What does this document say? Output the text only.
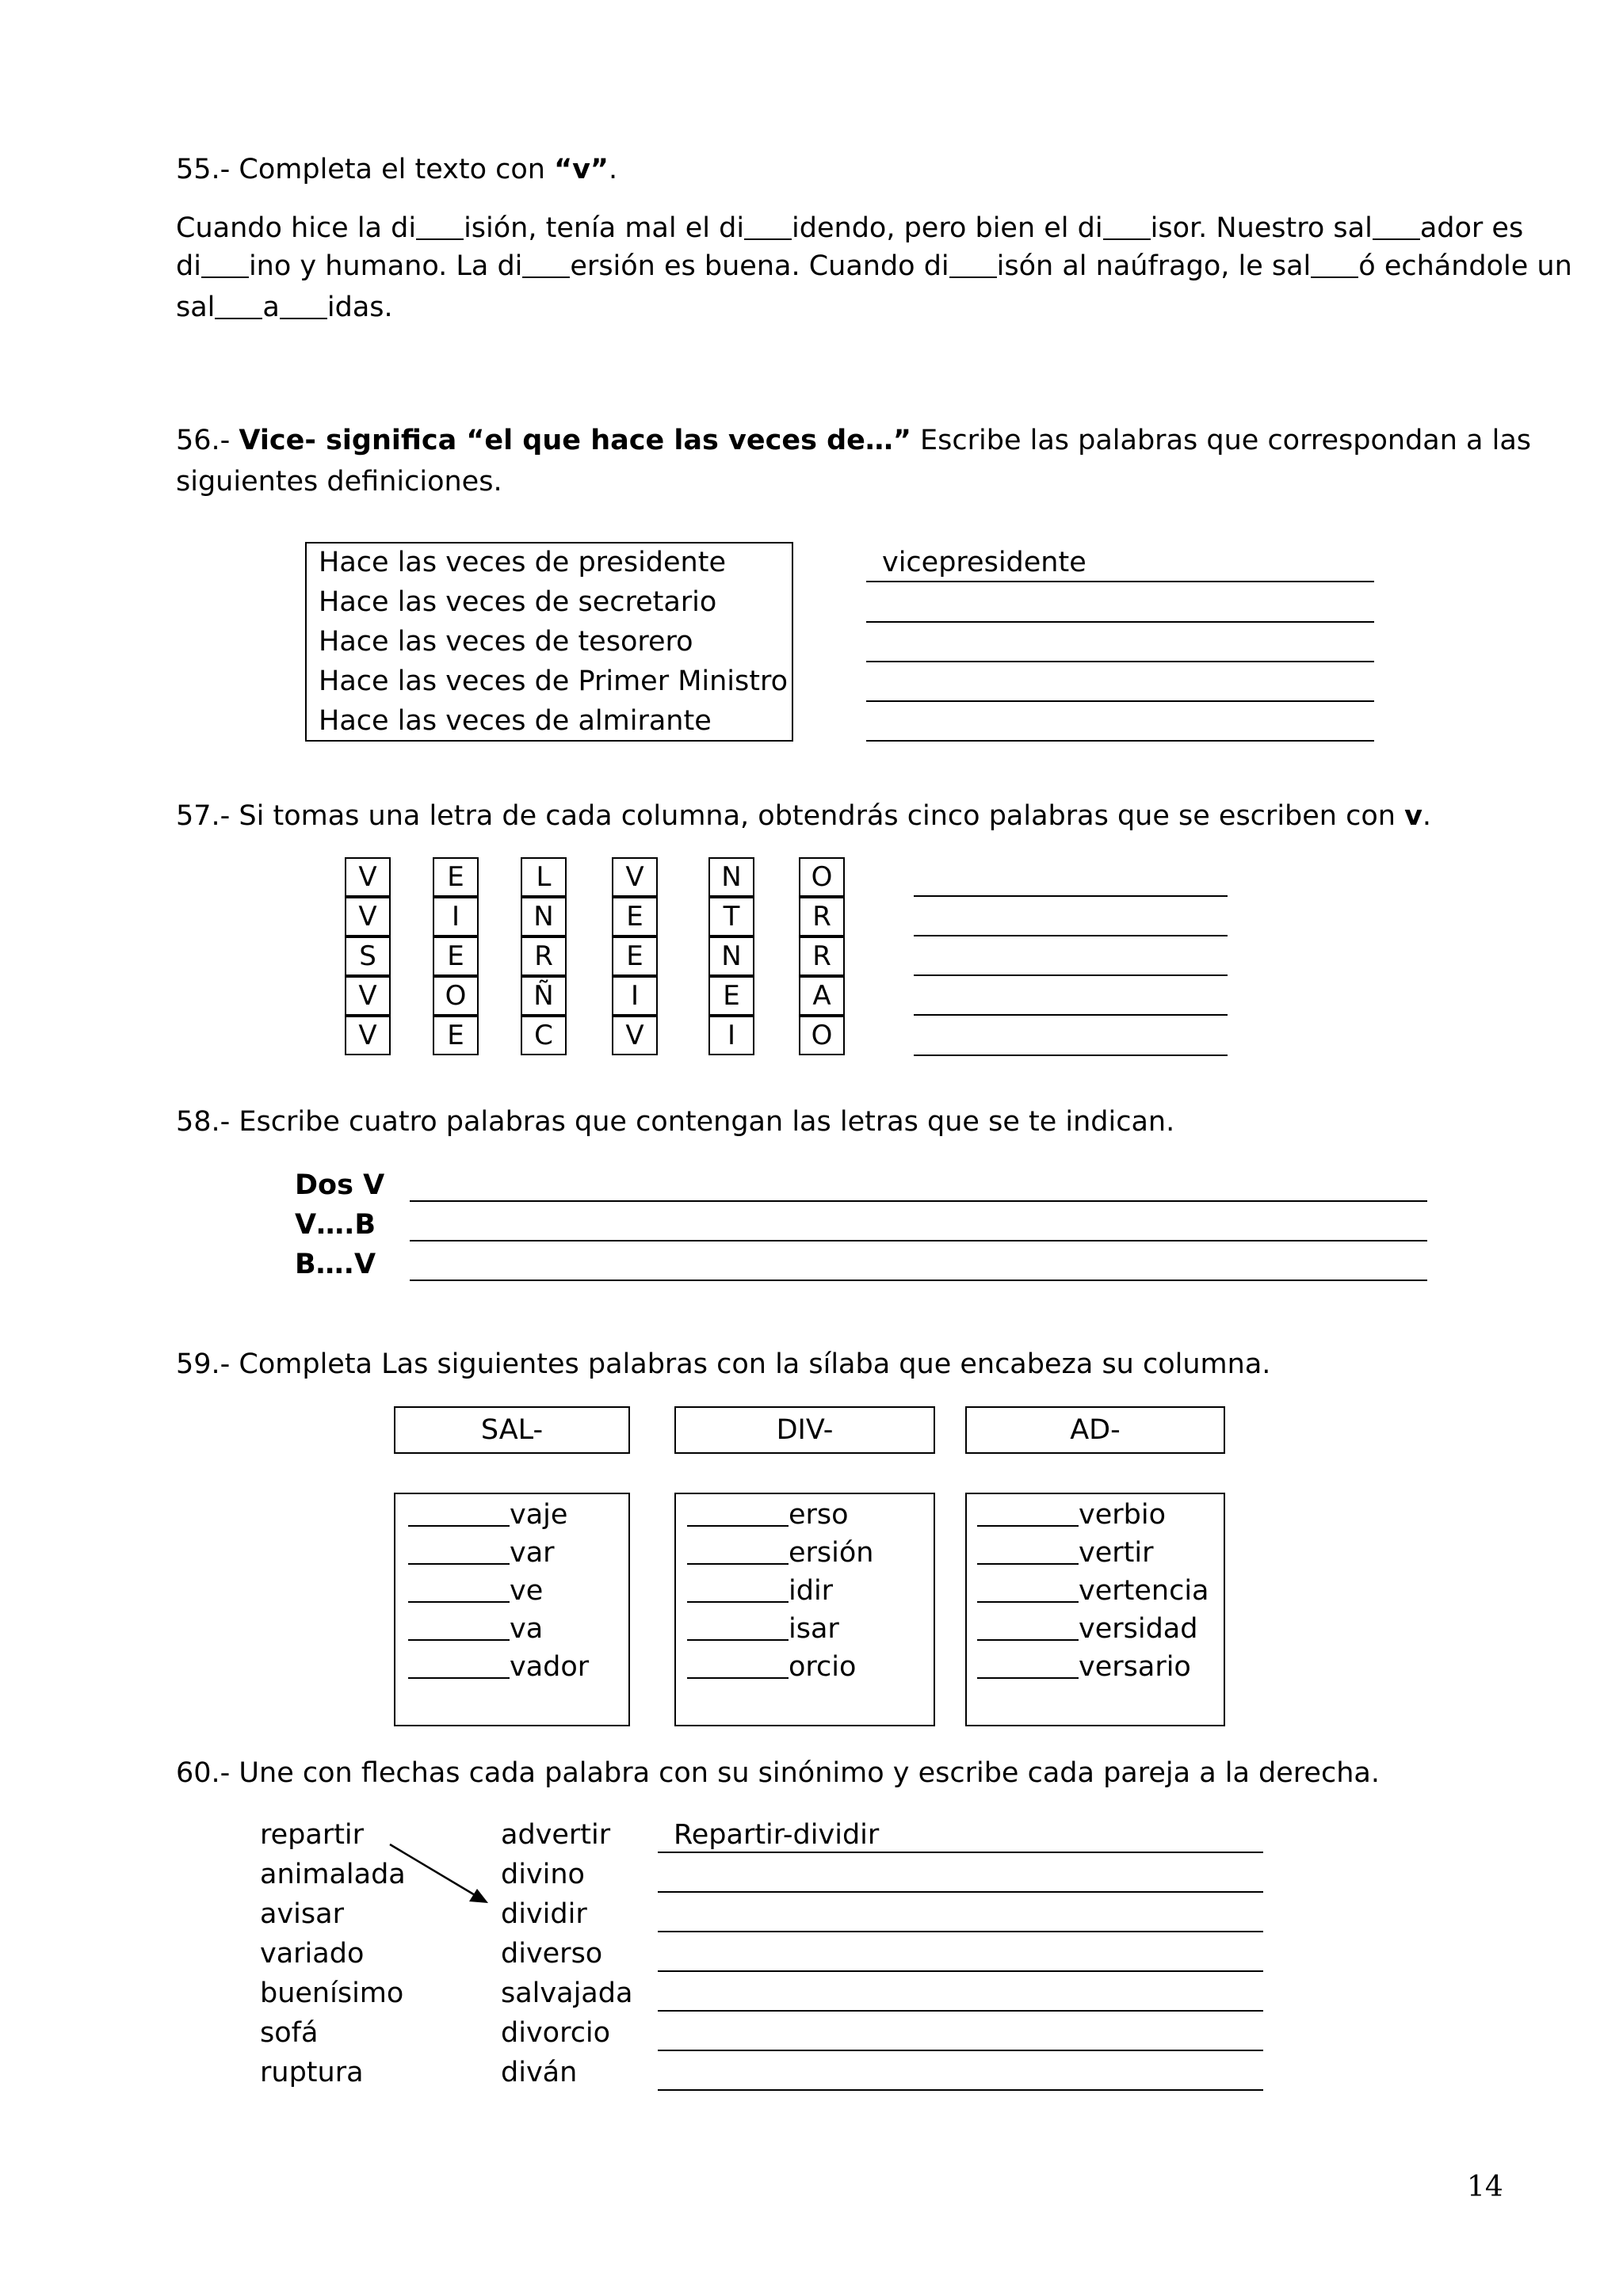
55.- Completa el texto con “v”.
Cuando hice la di isión, tenía mal el di idendo, pero bien el di isor. Nuestro sal ador es
di ino y humano. La di ersión es buena. Cuando di isón al naúfrago, le sal ó echándole un
sal a idas.
56.- Vice- significa “el que hace las veces de…” Escribe las palabras que correspondan a las
siguientes definiciones.
Hace las veces de presidente
Hace las veces de secretario
Hace las veces de tesorero
Hace las veces de Primer Ministro
Hace las veces de almirante
vicepresidente
57.- Si tomas una letra de cada columna, obtendrás cinco palabras que se escriben con v.
V
V
S
V
V
E
I
E
O
E
L
N
R
Ñ
C
V
E
E
I
V
N
T
N
E
I
O
R
R
A
O
58.- Escribe cuatro palabras que contengan las letras que se te indican.
Dos V
V….B
B….V
59.- Completa Las siguientes palabras con la sílaba que encabeza su columna.
SAL-	DIV-	AD-
vaje
var
ve
va
vador
erso
ersión
idir
isar
orcio
verbio
vertir
vertencia
versidad
versario
60.- Une con flechas cada palabra con su sinónimo y escribe cada pareja a la derecha.
repartir
animalada
avisar
variado
buenísimo
sofá
ruptura
advertir
divino
dividir
diverso
salvajada
divorcio
diván
Repartir-dividir
14
